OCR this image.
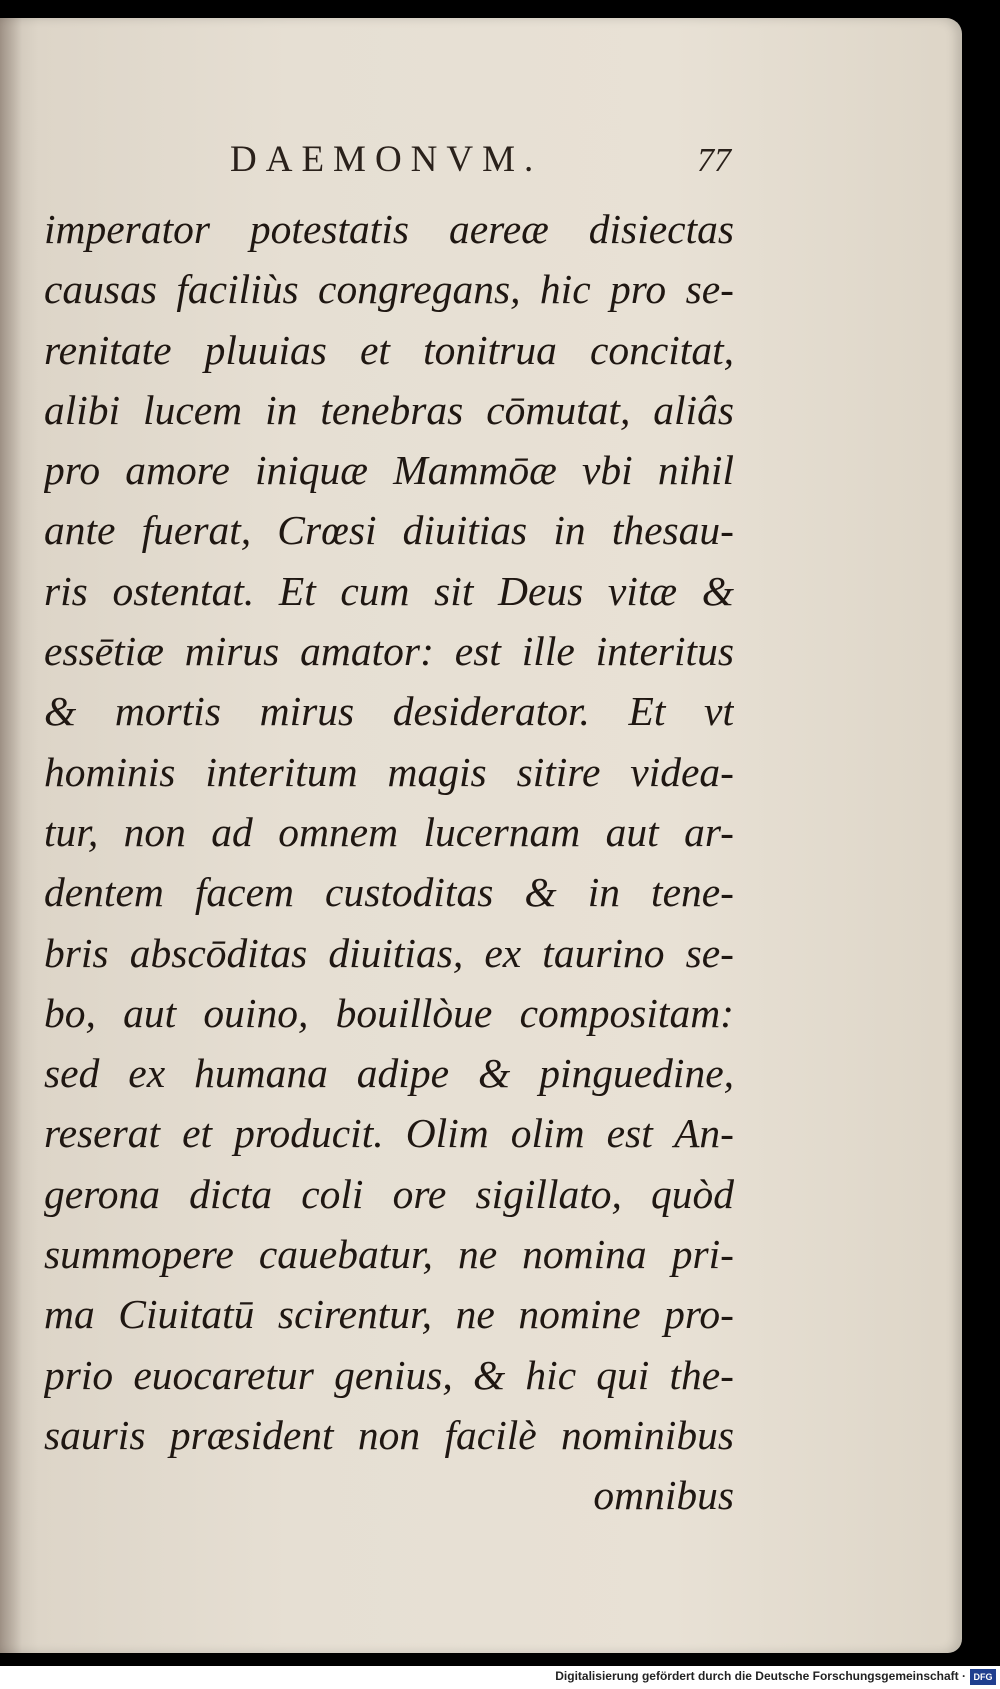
DAEMONVM.	77
imperator potestatis aereæ disiectas
causas faciliùs congregans, hic pro se-
renitate pluuias et tonitrua concitat,
alibi lucem in tenebras cōmutat, aliâs
pro amore iniquæ Mammōæ vbi nihil
ante fuerat, Crœsi diuitias in thesau-
ris ostentat. Et cum sit Deus vitæ &
essētiæ mirus amator: est ille interitus
& mortis mirus desiderator. Et vt
hominis interitum magis sitire videa-
tur, non ad omnem lucernam aut ar-
dentem facem custoditas & in tene-
bris abscōditas diuitias, ex taurino se-
bo, aut ouino, bouillòue compositam:
sed ex humana adipe & pinguedine,
reserat et producit. Olim olim est An-
gerona dicta coli ore sigillato, quòd
summopere cauebatur, ne nomina pri-
ma Ciuitatū scirentur, ne nomine pro-
prio euocaretur genius, & hic qui the-
sauris præsident non facilè nominibus
omnibus
Digitalisierung gefördert durch die Deutsche Forschungsgemeinschaft · DFG
